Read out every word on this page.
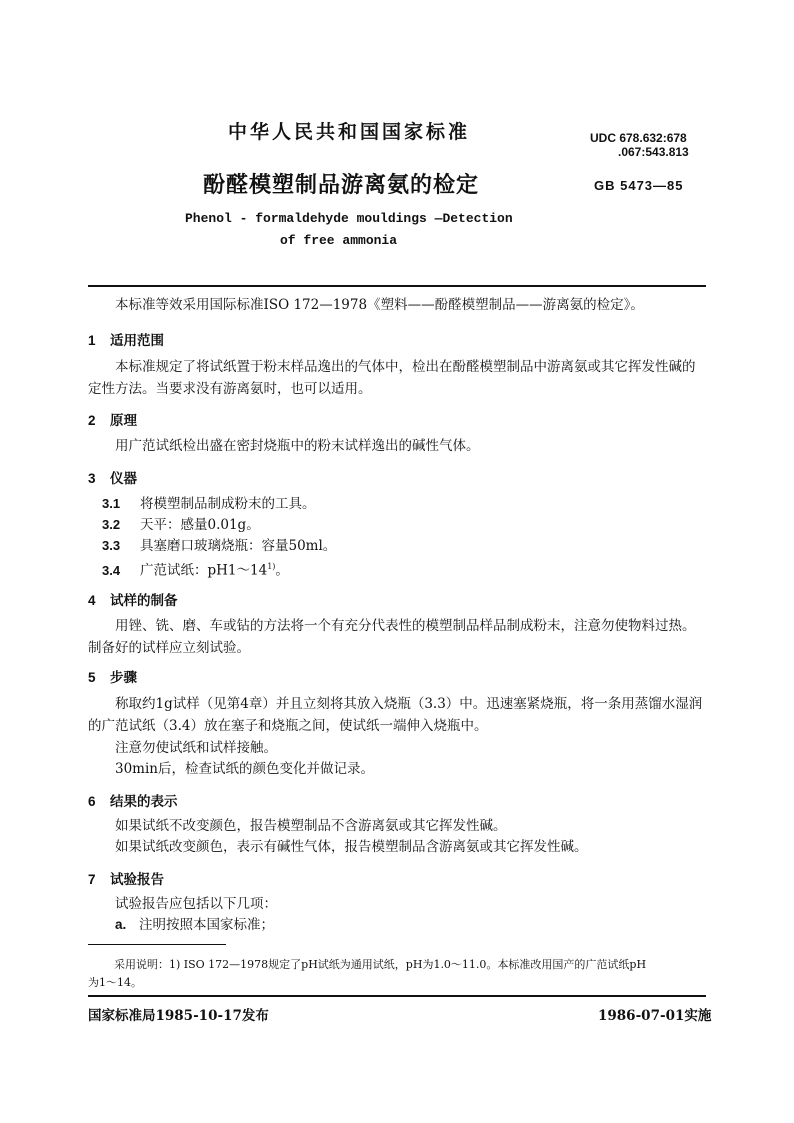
中华人民共和国国家标准	UDC 678.632:678
.067:543.813
酚醛模塑制品游离氨的检定	GB 5473—85
Phenol - formaldehyde mouldings —Detection
of free ammonia
本标准等效采用国际标准ISO 172—1978《塑料——酚醛模塑制品——游离氨的检定》。
1 适用范围
本标准规定了将试纸置于粉末样品逸出的气体中，检出在酚醛模塑制品中游离氨或其它挥发性碱的定性方法。当要求没有游离氨时，也可以适用。
2 原理
用广范试纸检出盛在密封烧瓶中的粉末试样逸出的碱性气体。
3 仪器
3.1 将模塑制品制成粉末的工具。
3.2 天平：感量0.01g。
3.3 具塞磨口玻璃烧瓶：容量50ml。
3.4 广范试纸：pH1～14$^{1)}$。
4 试样的制备
用锉、铣、磨、车或钻的方法将一个有充分代表性的模塑制品样品制成粉末，注意勿使物料过热。制备好的试样应立刻试验。
5 步骤
称取约1g试样（见第4章）并且立刻将其放入烧瓶（3.3）中。迅速塞紧烧瓶，将一条用蒸馏水湿润的广范试纸（3.4）放在塞子和烧瓶之间，使试纸一端伸入烧瓶中。
注意勿使试纸和试样接触。
30min后，检查试纸的颜色变化并做记录。
6 结果的表示
如果试纸不改变颜色，报告模塑制品不含游离氨或其它挥发性碱。
如果试纸改变颜色，表示有碱性气体，报告模塑制品含游离氨或其它挥发性碱。
7 试验报告
试验报告应包括以下几项：
a. 注明按照本国家标准；
采用说明：1) ISO 172—1978规定了pH试纸为通用试纸，pH为1.0～11.0。本标准改用国产的广范试纸pH
为1～14。
国家标准局1985-10-17发布	1986-07-01实施
